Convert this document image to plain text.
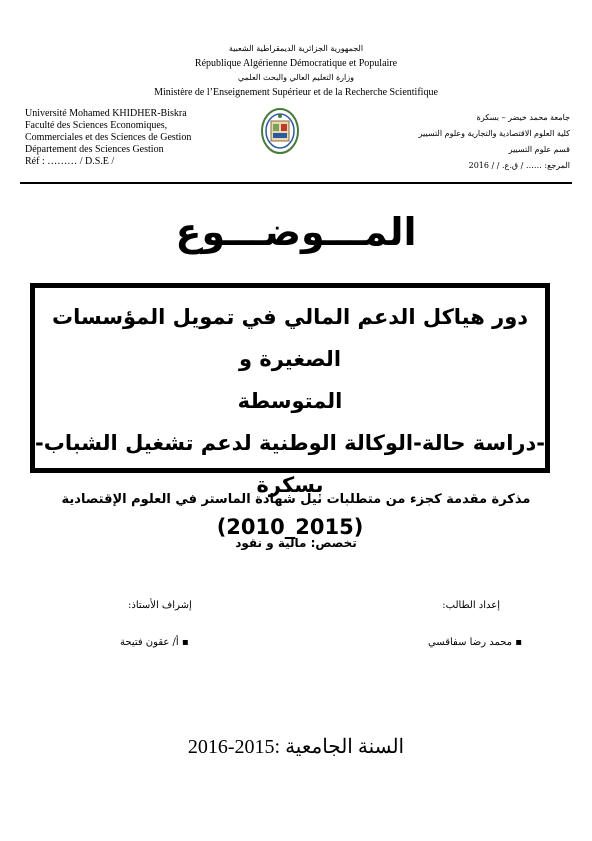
الجمهورية الجزائرية الديمقراطية الشعبية
République Algérienne Démocratique et Populaire
وزارة التعليم العالي والبحث العلمي
Ministère de l’Enseignement Supérieur et de la Recherche Scientifique
Université Mohamed KHIDHER-Biskra
Faculté des Sciences Economiques,
Commerciales et des Sciences de Gestion
Département des Sciences Gestion
Réf : ……… / D.S.E /
جامعة محمد خيضر – بسكرة
كلية العلوم الاقتصادية والتجارية وعلوم التسيير
قسم علوم التسيير
المرجع: …… / ق.ع. / / 2016
المـــوضـــوع
دور هياكل الدعم المالي في تمويل المؤسسات الصغيرة و
المتوسطة
-دراسة حالة-الوكالة الوطنية لدعم تشغيل الشباب-بسكرة
(2015_2010)
مذكرة مقدمة كجزء من متطلبات نيل شهادة الماستر في العلوم الإقتصادية
تخصص: مالية و نقود
إعداد الطالب:
إشراف الأستاذ:
▪ محمد رضا سفاقسي
▪ أ/ عقون فتيحة
السنة الجامعية :2015-2016
